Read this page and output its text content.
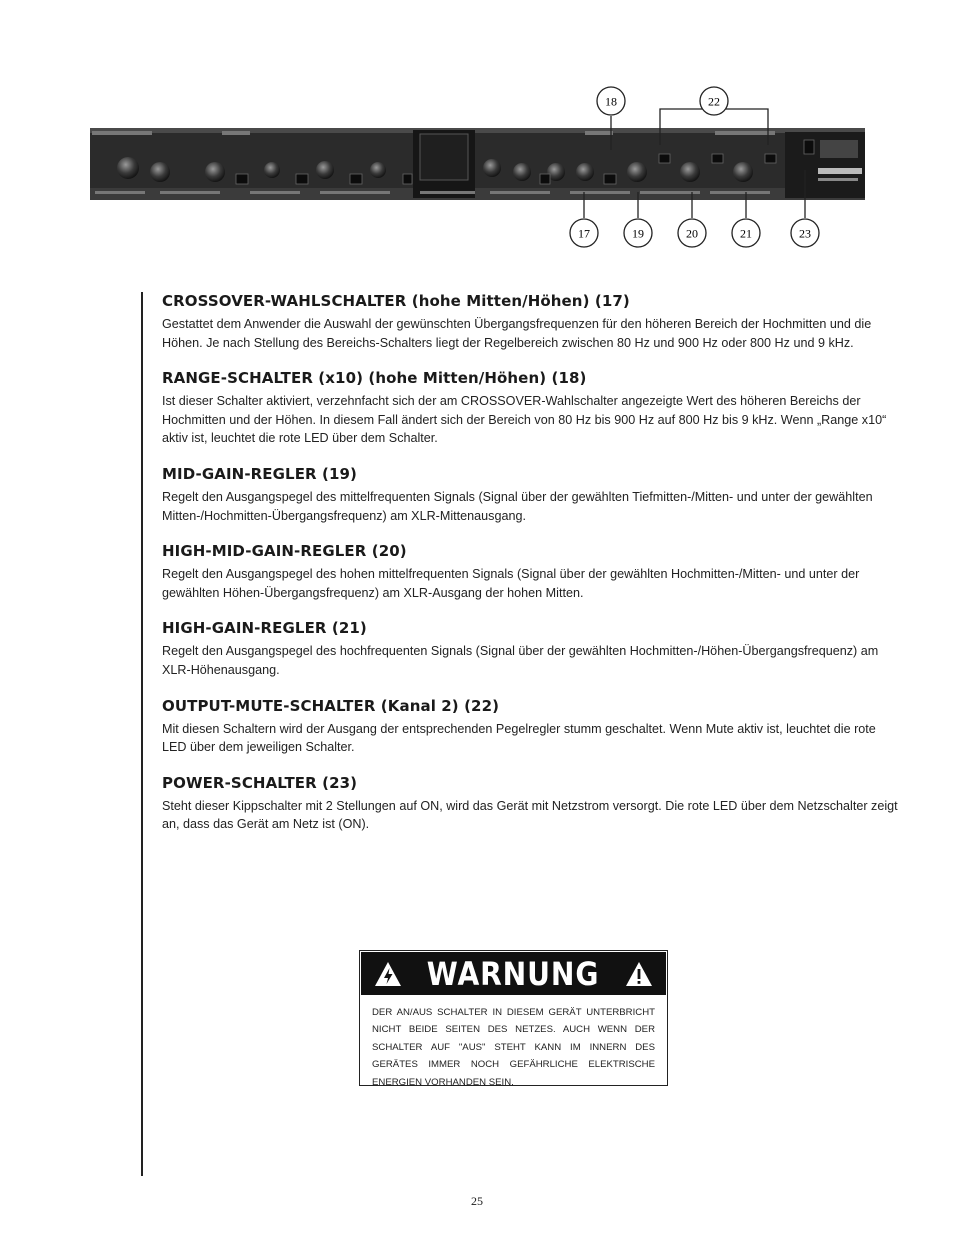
18	22
17	19	20	21	23
CROSSOVER-WAHLSCHALTER (hohe Mitten/Höhen) (17)

Gestattet dem Anwender die Auswahl der gewünschten Übergangsfrequenzen für den höheren Bereich der Hochmitten und die Höhen. Je nach Stellung des Bereichs-Schalters liegt der Regelbereich zwischen 80 Hz und 900 Hz oder 800 Hz und 9 kHz.

RANGE-SCHALTER (x10) (hohe Mitten/Höhen) (18)

Ist dieser Schalter aktiviert, verzehnfacht sich der am CROSSOVER-Wahlschalter angezeigte Wert des höheren Bereichs der Hochmitten und der Höhen. In diesem Fall ändert sich der Bereich von 80 Hz bis 900 Hz auf 800 Hz bis 9 kHz. Wenn „Range x10“ aktiv ist, leuchtet die rote LED über dem Schalter.

MID-GAIN-REGLER (19)

Regelt den Ausgangspegel des mittelfrequenten Signals (Signal über der gewählten Tiefmitten-/Mitten- und unter der gewählten Mitten-/Hochmitten-Übergangsfrequenz) am XLR-Mittenausgang.

HIGH-MID-GAIN-REGLER (20)

Regelt den Ausgangspegel des hohen mittelfrequenten Signals (Signal über der gewählten Hochmitten-/Mitten- und unter der gewählten Höhen-Übergangsfrequenz) am XLR-Ausgang der hohen Mitten.

HIGH-GAIN-REGLER (21)

Regelt den Ausgangspegel des hochfrequenten Signals (Signal über der gewählten Hochmitten-/Höhen-Übergangsfrequenz) am XLR-Höhenausgang.

OUTPUT-MUTE-SCHALTER (Kanal 2) (22)

Mit diesen Schaltern wird der Ausgang der entsprechenden Pegelregler stumm geschaltet. Wenn Mute aktiv ist, leuchtet die rote LED über dem jeweiligen Schalter.

POWER-SCHALTER (23)

Steht dieser Kippschalter mit 2 Stellungen auf ON, wird das Gerät mit Netzstrom versorgt. Die rote LED über dem Netzschalter zeigt an, dass das Gerät am Netz ist (ON).

WARNUNG
DER AN/AUS SCHALTER IN DIESEM GERÄT UNTERBRICHT NICHT BEIDE SEITEN DES NETZES. AUCH WENN DER SCHALTER AUF "AUS" STEHT KANN IM INNERN DES GERÄTES IMMER NOCH GEFÄHRLICHE ELEKTRISCHE ENERGIEN VORHANDEN SEIN.
25
